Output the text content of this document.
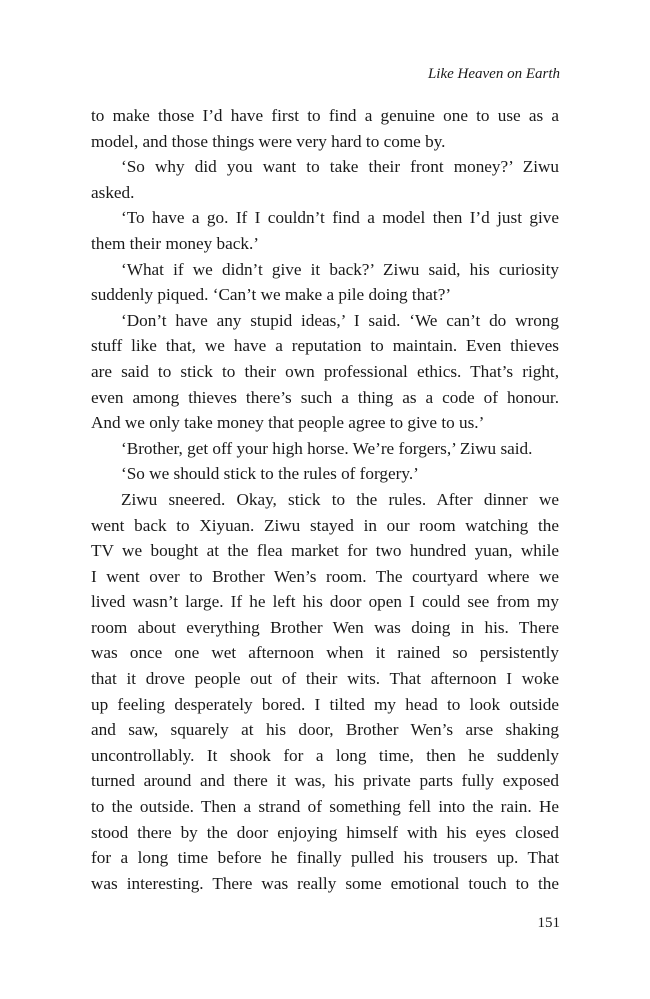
Like Heaven on Earth
to make those I’d have first to find a genuine one to use as a
model, and those things were very hard to come by.
‘So why did you want to take their front money?’ Ziwu
asked.
‘To have a go. If I couldn’t find a model then I’d just give
them their money back.’
‘What if we didn’t give it back?’ Ziwu said, his curiosity
suddenly piqued. ‘Can’t we make a pile doing that?’
‘Don’t have any stupid ideas,’ I said. ‘We can’t do wrong
stuff like that, we have a reputation to maintain. Even thieves
are said to stick to their own professional ethics. That’s right,
even among thieves there’s such a thing as a code of honour.
And we only take money that people agree to give to us.’
‘Brother, get off your high horse. We’re forgers,’ Ziwu said.
‘So we should stick to the rules of forgery.’
Ziwu sneered. Okay, stick to the rules. After dinner we
went back to Xiyuan. Ziwu stayed in our room watching the
TV we bought at the flea market for two hundred yuan, while
I went over to Brother Wen’s room. The courtyard where we
lived wasn’t large. If he left his door open I could see from my
room about everything Brother Wen was doing in his. There
was once one wet afternoon when it rained so persistently
that it drove people out of their wits. That afternoon I woke
up feeling desperately bored. I tilted my head to look outside
and saw, squarely at his door, Brother Wen’s arse shaking
uncontrollably. It shook for a long time, then he suddenly
turned around and there it was, his private parts fully exposed
to the outside. Then a strand of something fell into the rain. He
stood there by the door enjoying himself with his eyes closed
for a long time before he finally pulled his trousers up. That
was interesting. There was really some emotional touch to the
151
